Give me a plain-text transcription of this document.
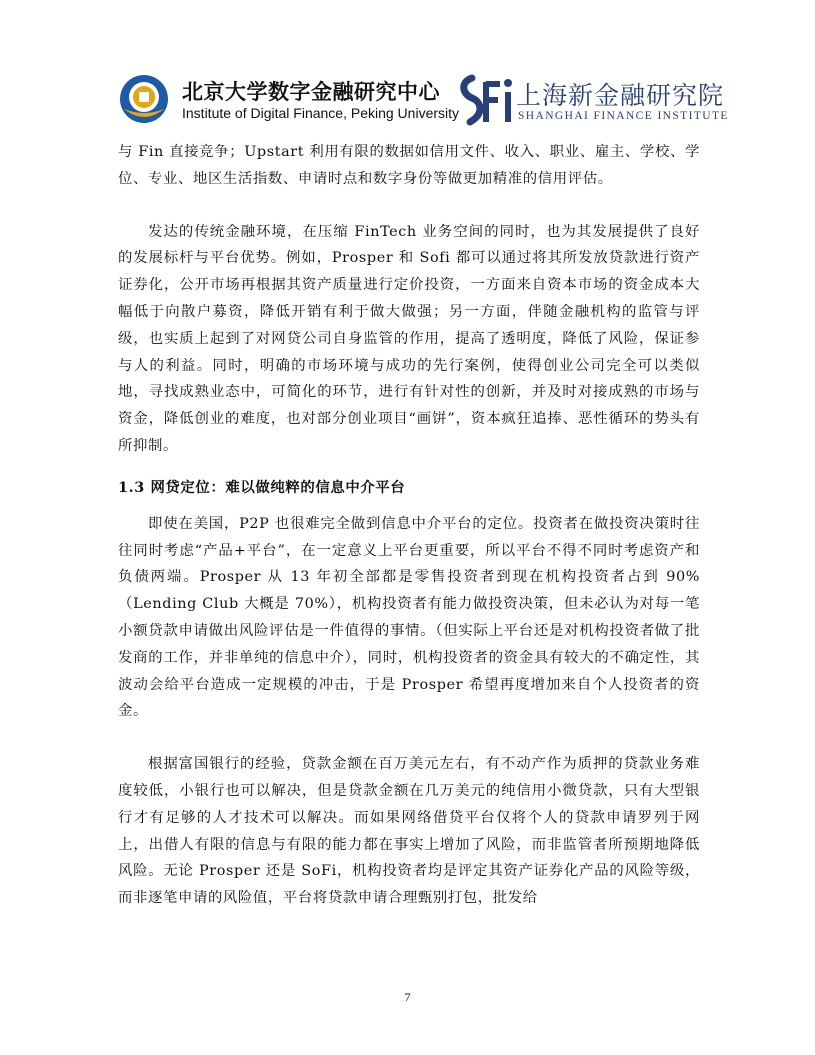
北京大学数字金融研究中心
Institute of Digital Finance, Peking University
上海新金融研究院
SHANGHAI FINANCE INSTITUTE

与 Fin 直接竞争；Upstart 利用有限的数据如信用文件、收入、职业、雇主、学校、学位、专业、地区生活指数、申请时点和数字身份等做更加精准的信用评估。

发达的传统金融环境，在压缩 FinTech 业务空间的同时，也为其发展提供了良好的发展标杆与平台优势。例如，Prosper 和 Sofi 都可以通过将其所发放贷款进行资产证券化，公开市场再根据其资产质量进行定价投资，一方面来自资本市场的资金成本大幅低于向散户募资，降低开销有利于做大做强；另一方面，伴随金融机构的监管与评级，也实质上起到了对网贷公司自身监管的作用，提高了透明度，降低了风险，保证参与人的利益。同时，明确的市场环境与成功的先行案例，使得创业公司完全可以类似地，寻找成熟业态中，可简化的环节，进行有针对性的创新，并及时对接成熟的市场与资金，降低创业的难度，也对部分创业项目“画饼”，资本疯狂追捧、恶性循环的势头有所抑制。

1.3 网贷定位：难以做纯粹的信息中介平台

即使在美国，P2P 也很难完全做到信息中介平台的定位。投资者在做投资决策时往往同时考虑“产品+平台”，在一定意义上平台更重要，所以平台不得不同时考虑资产和负债两端。Prosper 从 13 年初全部都是零售投资者到现在机构投资者占到 90%（Lending Club 大概是 70%），机构投资者有能力做投资决策，但未必认为对每一笔小额贷款申请做出风险评估是一件值得的事情。（但实际上平台还是对机构投资者做了批发商的工作，并非单纯的信息中介），同时，机构投资者的资金具有较大的不确定性，其波动会给平台造成一定规模的冲击，于是 Prosper 希望再度增加来自个人投资者的资金。

根据富国银行的经验，贷款金额在百万美元左右，有不动产作为质押的贷款业务难度较低，小银行也可以解决，但是贷款金额在几万美元的纯信用小微贷款，只有大型银行才有足够的人才技术可以解决。而如果网络借贷平台仅将个人的贷款申请罗列于网上，出借人有限的信息与有限的能力都在事实上增加了风险，而非监管者所预期地降低风险。无论 Prosper 还是 SoFi，机构投资者均是评定其资产证券化产品的风险等级，而非逐笔申请的风险值，平台将贷款申请合理甄别打包，批发给

7
